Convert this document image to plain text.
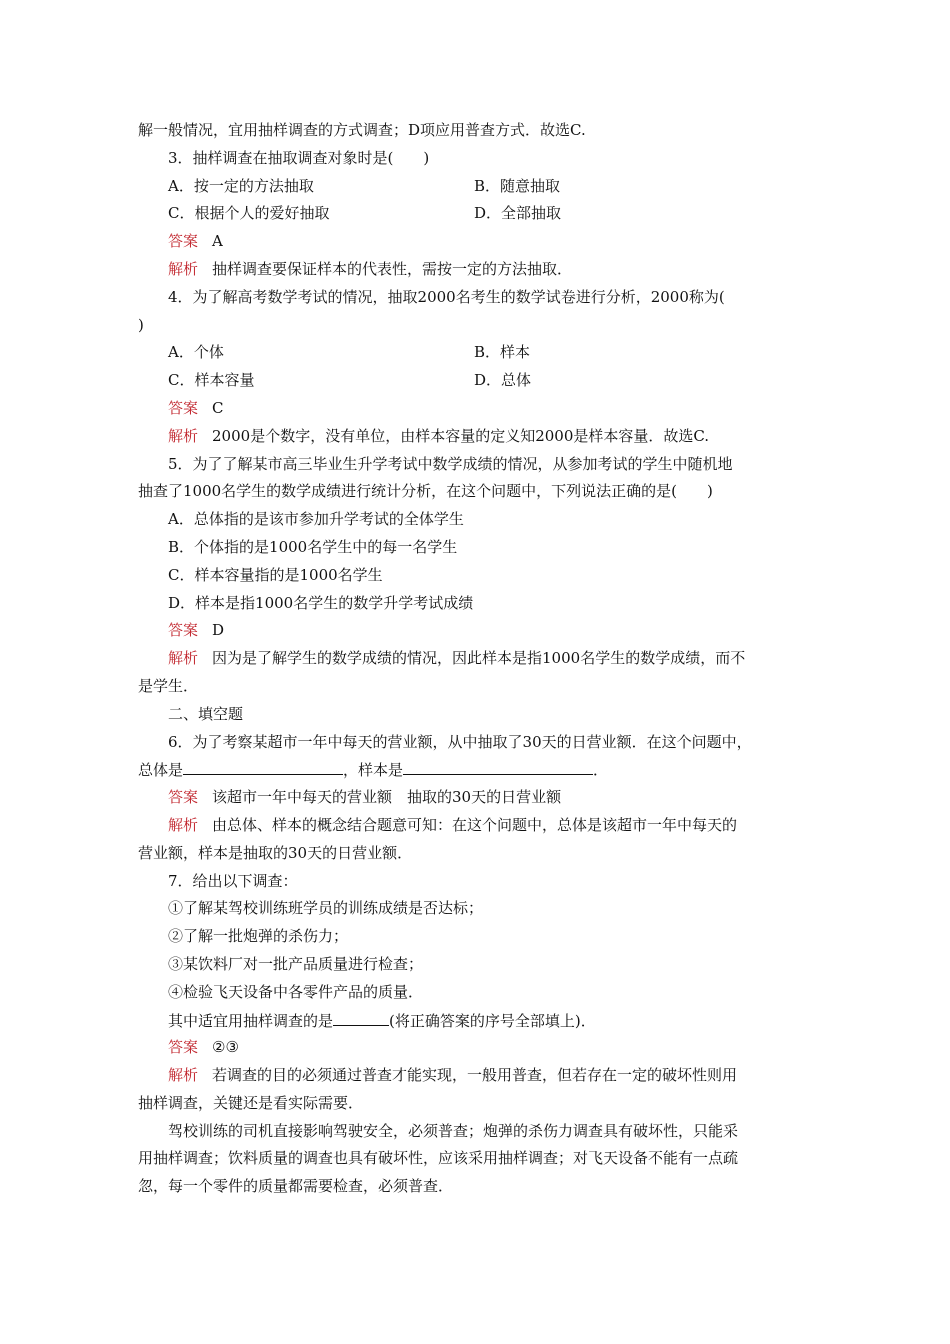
解一般情况，宜用抽样调查的方式调查；D项应用普查方式．故选C.
3．抽样调查在抽取调查对象时是(　　)
A．按一定的方法抽取	B．随意抽取
C．根据个人的爱好抽取	D．全部抽取
答案 A
解析 抽样调查要保证样本的代表性，需按一定的方法抽取．
4．为了解高考数学考试的情况，抽取2000名考生的数学试卷进行分析，2000称为(
)
A．个体	B．样本
C．样本容量	D．总体
答案 C
解析 2000是个数字，没有单位，由样本容量的定义知2000是样本容量．故选C.
5．为了了解某市高三毕业生升学考试中数学成绩的情况，从参加考试的学生中随机地
抽查了1000名学生的数学成绩进行统计分析，在这个问题中，下列说法正确的是(　　)
A．总体指的是该市参加升学考试的全体学生
B．个体指的是1000名学生中的每一名学生
C．样本容量指的是1000名学生
D．样本是指1000名学生的数学升学考试成绩
答案 D
解析 因为是了解学生的数学成绩的情况，因此样本是指1000名学生的数学成绩，而不
是学生．
二、填空题
6．为了考察某超市一年中每天的营业额，从中抽取了30天的日营业额．在这个问题中，
总体是	，样本是	．
答案 该超市一年中每天的营业额　抽取的30天的日营业额
解析 由总体、样本的概念结合题意可知：在这个问题中，总体是该超市一年中每天的
营业额，样本是抽取的30天的日营业额．
7．给出以下调查：
①了解某驾校训练班学员的训练成绩是否达标；
②了解一批炮弹的杀伤力；
③某饮料厂对一批产品质量进行检查；
④检验飞天设备中各零件产品的质量．
其中适宜用抽样调查的是	(将正确答案的序号全部填上)．
答案 ②③
解析 若调查的目的必须通过普查才能实现，一般用普查，但若存在一定的破坏性则用
抽样调查，关键还是看实际需要．
驾校训练的司机直接影响驾驶安全，必须普查；炮弹的杀伤力调查具有破坏性，只能采
用抽样调查；饮料质量的调查也具有破坏性，应该采用抽样调查；对飞天设备不能有一点疏
忽，每一个零件的质量都需要检查，必须普查．
